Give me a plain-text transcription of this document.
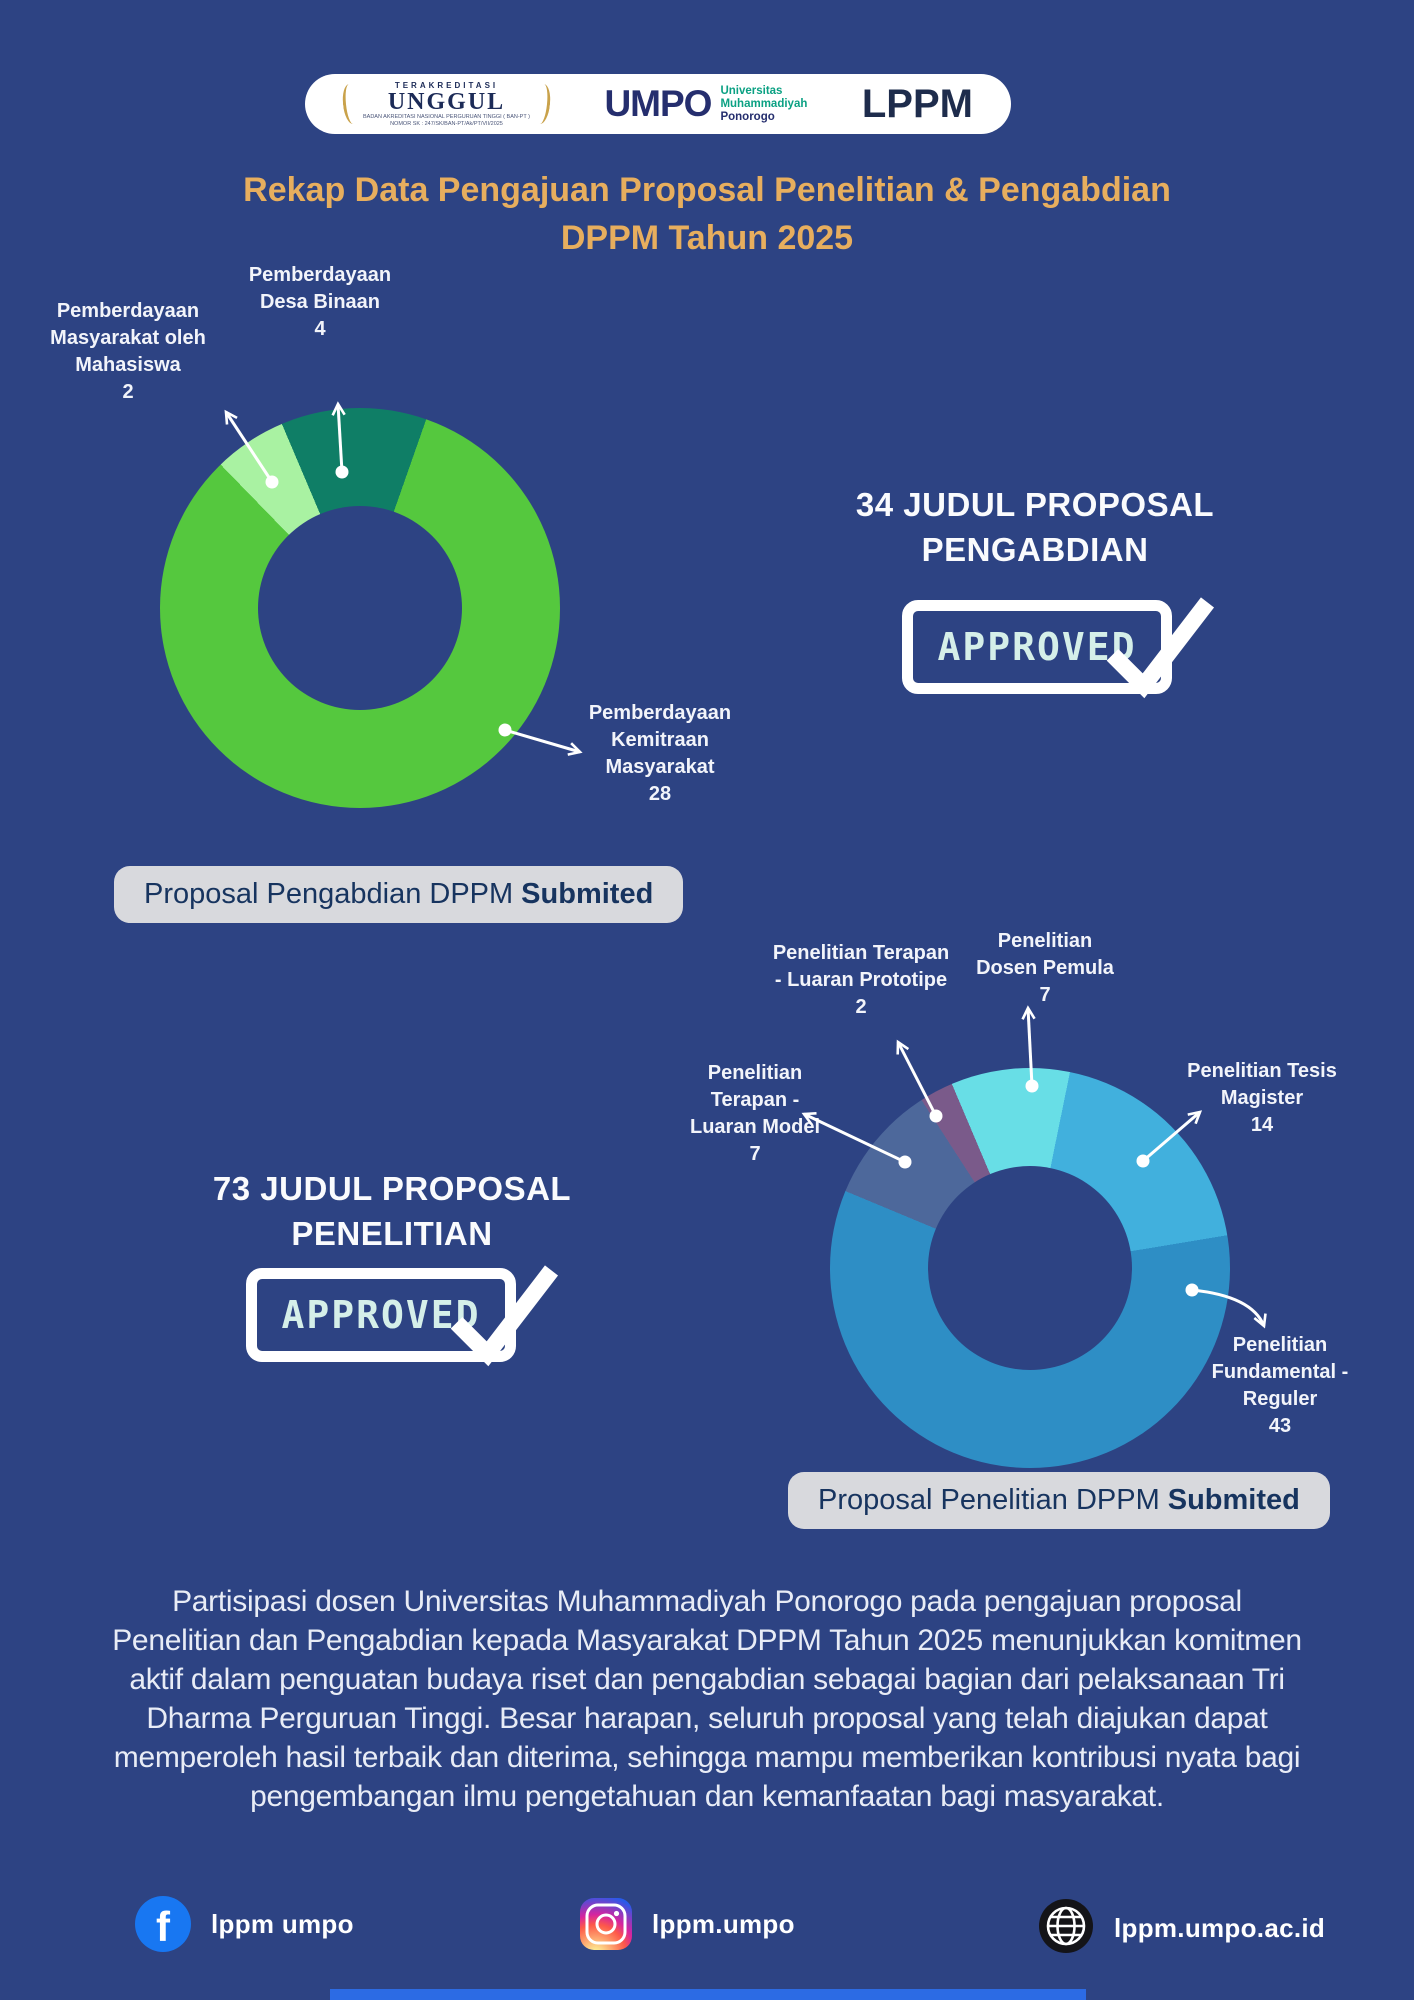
TERAKREDITASI
UNGGUL
BADAN AKREDITASI NASIONAL PERGURUAN TINGGI ( BAN-PT )
NOMOR SK : 247/SK/BAN-PT/Ak/PT/VII/2025	UMPO Universitas
Muhammadiyah
Ponorogo	LPPM
Rekap Data Pengajuan Proposal Penelitian & Pengabdian
DPPM Tahun 2025
Pemberdayaan Desa Binaan
4
Pemberdayaan Masyarakat oleh Mahasiswa
2
Pemberdayaan Kemitraan Masyarakat
28
Penelitian Terapan - Luaran Prototipe
2
Penelitian Dosen Pemula
7
Penelitian Tesis Magister
14
Penelitian Terapan - Luaran Model
7
Penelitian Fundamental - Reguler
43
34 JUDUL PROPOSAL
PENGABDIAN
APPROVED
73 JUDUL PROPOSAL
PENELITIAN
APPROVED
Proposal Pengabdian DPPM Submited
Proposal Penelitian DPPM Submited
Partisipasi dosen Universitas Muhammadiyah Ponorogo pada pengajuan proposal Penelitian dan Pengabdian kepada Masyarakat DPPM Tahun 2025 menunjukkan komitmen aktif dalam penguatan budaya riset dan pengabdian sebagai bagian dari pelaksanaan Tri Dharma Perguruan Tinggi. Besar harapan, seluruh proposal yang telah diajukan dapat memperoleh hasil terbaik dan diterima, sehingga mampu memberikan kontribusi nyata bagi pengembangan ilmu pengetahuan dan kemanfaatan bagi masyarakat.
f	lppm umpo	lppm.umpo	lppm.umpo.ac.id
